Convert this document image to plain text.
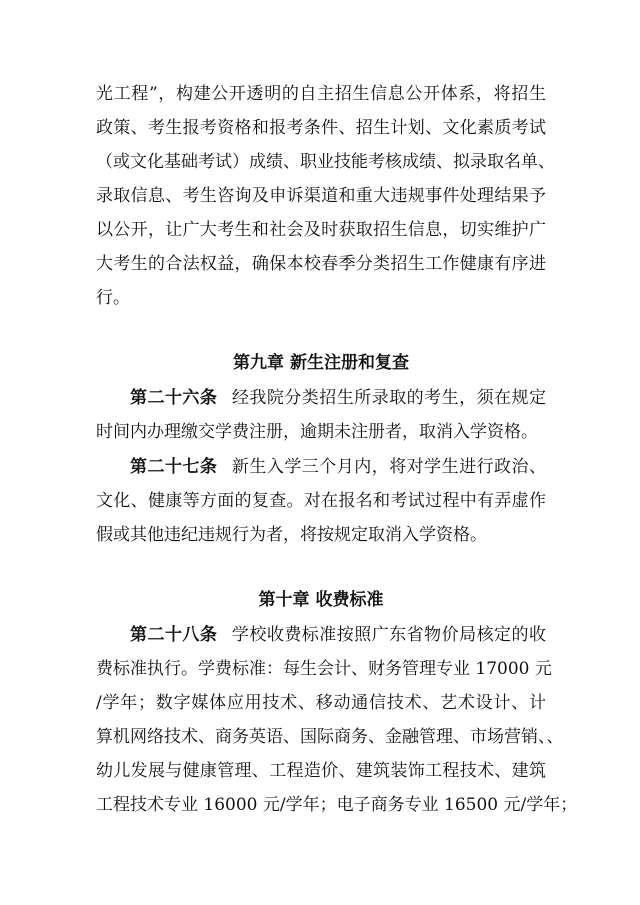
光工程”，构建公开透明的自主招生信息公开体系，将招生
政策、考生报考资格和报考条件、招生计划、文化素质考试
（或文化基础考试）成绩、职业技能考核成绩、拟录取名单、
录取信息、考生咨询及申诉渠道和重大违规事件处理结果予
以公开，让广大考生和社会及时获取招生信息，切实维护广
大考生的合法权益，确保本校春季分类招生工作健康有序进
行。
第九章 新生注册和复查
第二十六条 经我院分类招生所录取的考生，须在规定
时间内办理缴交学费注册，逾期未注册者，取消入学资格。
第二十七条 新生入学三个月内，将对学生进行政治、
文化、健康等方面的复查。对在报名和考试过程中有弄虚作
假或其他违纪违规行为者，将按规定取消入学资格。
第十章 收费标准
第二十八条 学校收费标准按照广东省物价局核定的收
费标准执行。学费标准：每生会计、财务管理专业 17000 元
/学年；数字媒体应用技术、移动通信技术、艺术设计、计
算机网络技术、商务英语、国际商务、金融管理、市场营销、、
幼儿发展与健康管理、工程造价、建筑装饰工程技术、建筑
工程技术专业 16000 元/学年；电子商务专业 16500 元/学年；
